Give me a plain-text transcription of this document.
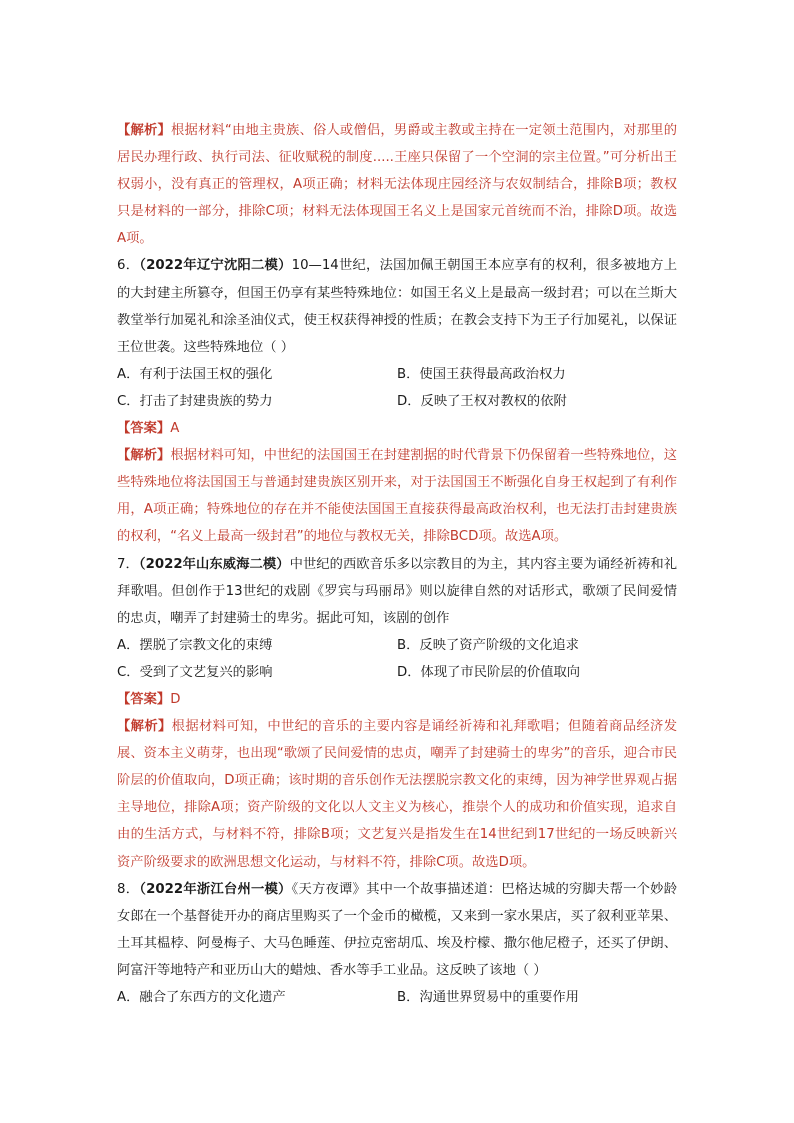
【解析】根据材料“由地主贵族、俗人或僧侣，男爵或主教或主持在一定领土范围内，对那里的居民办理行政、执行司法、征收赋税的制度.....王座只保留了一个空洞的宗主位置。”可分析出王权弱小，没有真正的管理权，A项正确；材料无法体现庄园经济与农奴制结合，排除B项；教权只是材料的一部分，排除C项；材料无法体现国王名义上是国家元首统而不治，排除D项。故选A项。

6．（2022年辽宁沈阳二模）10—14世纪，法国加佩王朝国王本应享有的权利，很多被地方上的大封建主所篡夺，但国王仍享有某些特殊地位：如国王名义上是最高一级封君；可以在兰斯大教堂举行加冕礼和涂圣油仪式，使王权获得神授的性质；在教会支持下为王子行加冕礼，以保证王位世袭。这些特殊地位（ ）

A．有利于法国王权的强化	B．使国王获得最高政治权力
C．打击了封建贵族的势力	D．反映了王权对教权的依附

【答案】A

【解析】根据材料可知，中世纪的法国国王在封建割据的时代背景下仍保留着一些特殊地位，这些特殊地位将法国国王与普通封建贵族区别开来，对于法国国王不断强化自身王权起到了有利作用，A项正确；特殊地位的存在并不能使法国国王直接获得最高政治权利，也无法打击封建贵族的权利，“名义上最高一级封君”的地位与教权无关，排除BCD项。故选A项。

7．（2022年山东威海二模）中世纪的西欧音乐多以宗教目的为主，其内容主要为诵经祈祷和礼拜歌唱。但创作于13世纪的戏剧《罗宾与玛丽昂》则以旋律自然的对话形式，歌颂了民间爱情的忠贞，嘲弄了封建骑士的卑劣。据此可知，该剧的创作

A．摆脱了宗教文化的束缚	B．反映了资产阶级的文化追求
C．受到了文艺复兴的影响	D．体现了市民阶层的价值取向

【答案】D

【解析】根据材料可知，中世纪的音乐的主要内容是诵经祈祷和礼拜歌唱；但随着商品经济发展、资本主义萌芽，也出现“歌颂了民间爱情的忠贞，嘲弄了封建骑士的卑劣”的音乐，迎合市民阶层的价值取向，D项正确；该时期的音乐创作无法摆脱宗教文化的束缚，因为神学世界观占据主导地位，排除A项；资产阶级的文化以人文主义为核心，推崇个人的成功和价值实现，追求自由的生活方式，与材料不符，排除B项；文艺复兴是指发生在14世纪到17世纪的一场反映新兴资产阶级要求的欧洲思想文化运动，与材料不符，排除C项。故选D项。

8．（2022年浙江台州一模）《天方夜谭》其中一个故事描述道：巴格达城的穷脚夫帮一个妙龄女郎在一个基督徒开办的商店里购买了一个金币的橄榄，又来到一家水果店，买了叙利亚苹果、土耳其榅桲、阿曼梅子、大马色睡莲、伊拉克密胡瓜、埃及柠檬、撒尔他尼橙子，还买了伊朗、阿富汗等地特产和亚历山大的蜡烛、香水等手工业品。这反映了该地（ ）

A．融合了东西方的文化遗产	B．沟通世界贸易中的重要作用
